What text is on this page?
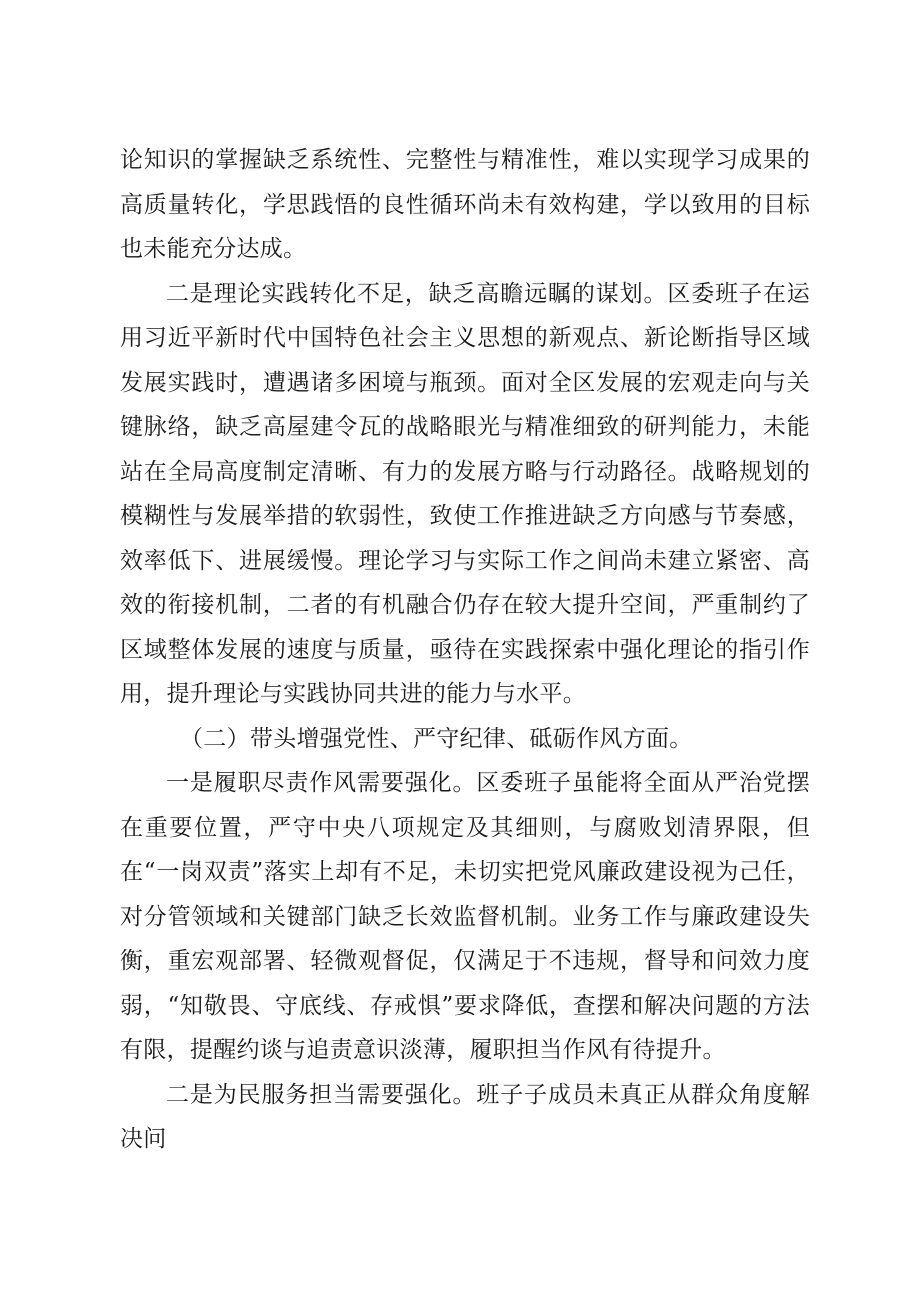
论知识的掌握缺乏系统性、完整性与精准性，难以实现学习成果的高质量转化，学思践悟的良性循环尚未有效构建，学以致用的目标也未能充分达成。

二是理论实践转化不足，缺乏高瞻远瞩的谋划。区委班子在运用习近平新时代中国特色社会主义思想的新观点、新论断指导区域发展实践时，遭遇诸多困境与瓶颈。面对全区发展的宏观走向与关键脉络，缺乏高屋建令瓦的战略眼光与精准细致的研判能力，未能站在全局高度制定清晰、有力的发展方略与行动路径。战略规划的模糊性与发展举措的软弱性，致使工作推进缺乏方向感与节奏感，效率低下、进展缓慢。理论学习与实际工作之间尚未建立紧密、高效的衔接机制，二者的有机融合仍存在较大提升空间，严重制约了区域整体发展的速度与质量，亟待在实践探索中强化理论的指引作用，提升理论与实践协同共进的能力与水平。

（二）带头增强党性、严守纪律、砥砺作风方面。

一是履职尽责作风需要强化。区委班子虽能将全面从严治党摆在重要位置，严守中央八项规定及其细则，与腐败划清界限，但在“一岗双责”落实上却有不足，未切实把党风廉政建设视为己任，对分管领域和关键部门缺乏长效监督机制。业务工作与廉政建设失衡，重宏观部署、轻微观督促，仅满足于不违规，督导和问效力度弱，“知敬畏、守底线、存戒惧”要求降低，查摆和解决问题的方法有限，提醒约谈与追责意识淡薄，履职担当作风有待提升。

二是为民服务担当需要强化。班子子成员未真正从群众角度解决问
